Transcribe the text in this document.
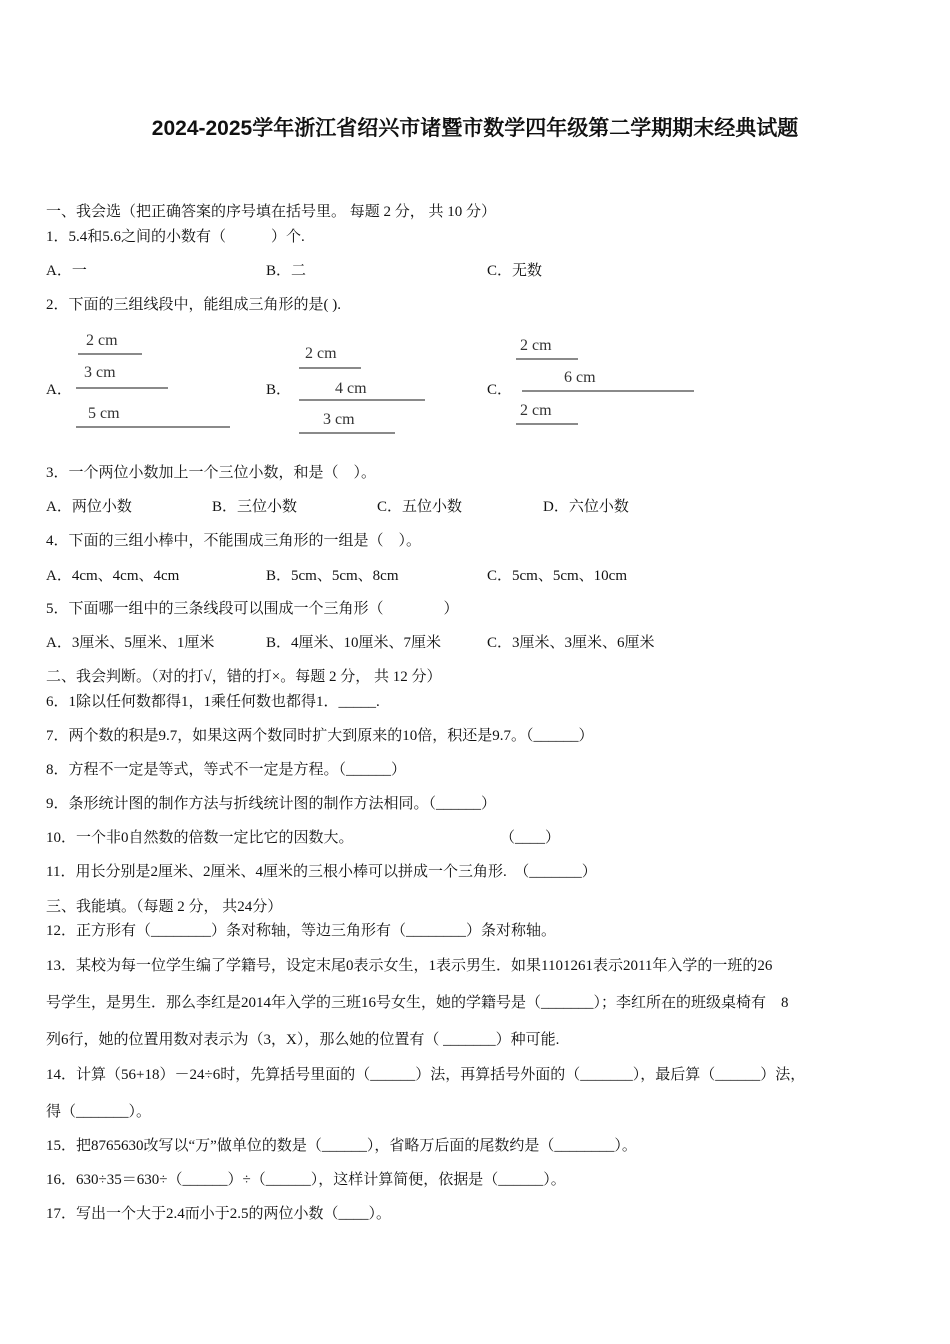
2024-2025学年浙江省绍兴市诸暨市数学四年级第二学期期末经典试题
一、我会选（把正确答案的序号填在括号里。 每题 2 分， 共 10 分）
1．5.4和5.6之间的小数有（　　　）个.
A．一	B．二	C．无数
2．下面的三组线段中，能组成三角形的是( ).
A．
2 cm
3 cm
5 cm
B．
2 cm
4 cm
3 cm
C．
2 cm
6 cm
2 cm
3．一个两位小数加上一个三位小数，和是（　）。
A．两位小数	B．三位小数	C．五位小数	D．六位小数
4．下面的三组小棒中，不能围成三角形的一组是（　）。
A．4cm、4cm、4cm	B．5cm、5cm、8cm	C．5cm、5cm、10cm
5．下面哪一组中的三条线段可以围成一个三角形（　　　　）
A．3厘米、5厘米、1厘米	B．4厘米、10厘米、7厘米	C．3厘米、3厘米、6厘米
二、我会判断。（对的打√，错的打×。每题 2 分， 共 12 分）
6．1除以任何数都得1，1乘任何数也都得1．_____.
7．两个数的积是9.7，如果这两个数同时扩大到原来的10倍，积还是9.7。（______）
8．方程不一定是等式，等式不一定是方程。（______）
9．条形统计图的制作方法与折线统计图的制作方法相同。（______）
10．一个非0自然数的倍数一定比它的因数大。	（____）
11．用长分别是2厘米、2厘米、4厘米的三根小棒可以拼成一个三角形.　（_______）
三、我能填。（每题 2 分， 共24分）
12．正方形有（________）条对称轴，等边三角形有（________）条对称轴。
13．某校为每一位学生编了学籍号，设定末尾0表示女生，1表示男生．如果1101261表示2011年入学的一班的26
号学生，是男生．那么李红是2014年入学的三班16号女生，她的学籍号是（_______）；李红所在的班级桌椅有　8
列6行，她的位置用数对表示为（3，X），那么她的位置有（ _______）种可能.
14．计算（56+18）－24÷6时，先算括号里面的（______）法，再算括号外面的（_______），最后算（______）法，
得（_______）。
15．把8765630改写以“万”做单位的数是（______），省略万后面的尾数约是（________）。
16．630÷35＝630÷（______）÷（______），这样计算简便，依据是（______）。
17．写出一个大于2.4而小于2.5的两位小数（____）。
